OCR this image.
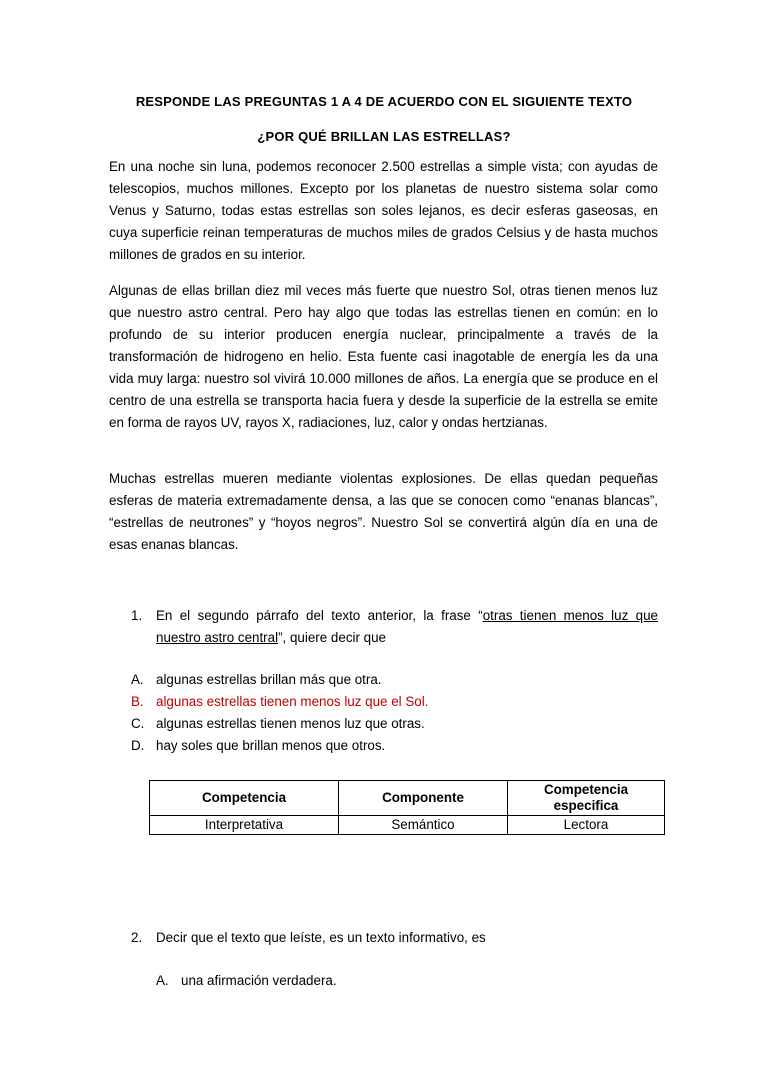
RESPONDE LAS PREGUNTAS 1 A 4 DE ACUERDO CON EL SIGUIENTE TEXTO
¿POR QUÉ BRILLAN LAS ESTRELLAS?

En una noche sin luna, podemos reconocer 2.500 estrellas a simple vista; con ayudas de telescopios, muchos millones. Excepto por los planetas de nuestro sistema solar como Venus y Saturno, todas estas estrellas son soles lejanos, es decir esferas gaseosas, en cuya superficie reinan temperaturas de muchos miles de grados Celsius y de hasta muchos millones de grados en su interior.

Algunas de ellas brillan diez mil veces más fuerte que nuestro Sol, otras tienen menos luz que nuestro astro central. Pero hay algo que todas las estrellas tienen en común: en lo profundo de su interior producen energía nuclear, principalmente a través de la transformación de hidrogeno en helio. Esta fuente casi inagotable de energía les da una vida muy larga: nuestro sol vivirá 10.000 millones de años. La energía que se produce en el centro de una estrella se transporta hacia fuera y desde la superficie de la estrella se emite en forma de rayos UV, rayos X, radiaciones, luz, calor y ondas hertzianas.

Muchas estrellas mueren mediante violentas explosiones. De ellas quedan pequeñas esferas de materia extremadamente densa, a las que se conocen como “enanas blancas”, “estrellas de neutrones” y “hoyos negros”. Nuestro Sol se convertirá algún día en una de esas enanas blancas.

1. En el segundo párrafo del texto anterior, la frase “otras tienen menos luz que nuestro astro central”, quiere decir que
A. algunas estrellas brillan más que otra.
B. algunas estrellas tienen menos luz que el Sol.
C. algunas estrellas tienen menos luz que otras.
D. hay soles que brillan menos que otros.
Competencia	Componente	Competencia especifica
Interpretativa	Semántico	Lectora
2. Decir que el texto que leíste, es un texto informativo, es
A. una afirmación verdadera.
